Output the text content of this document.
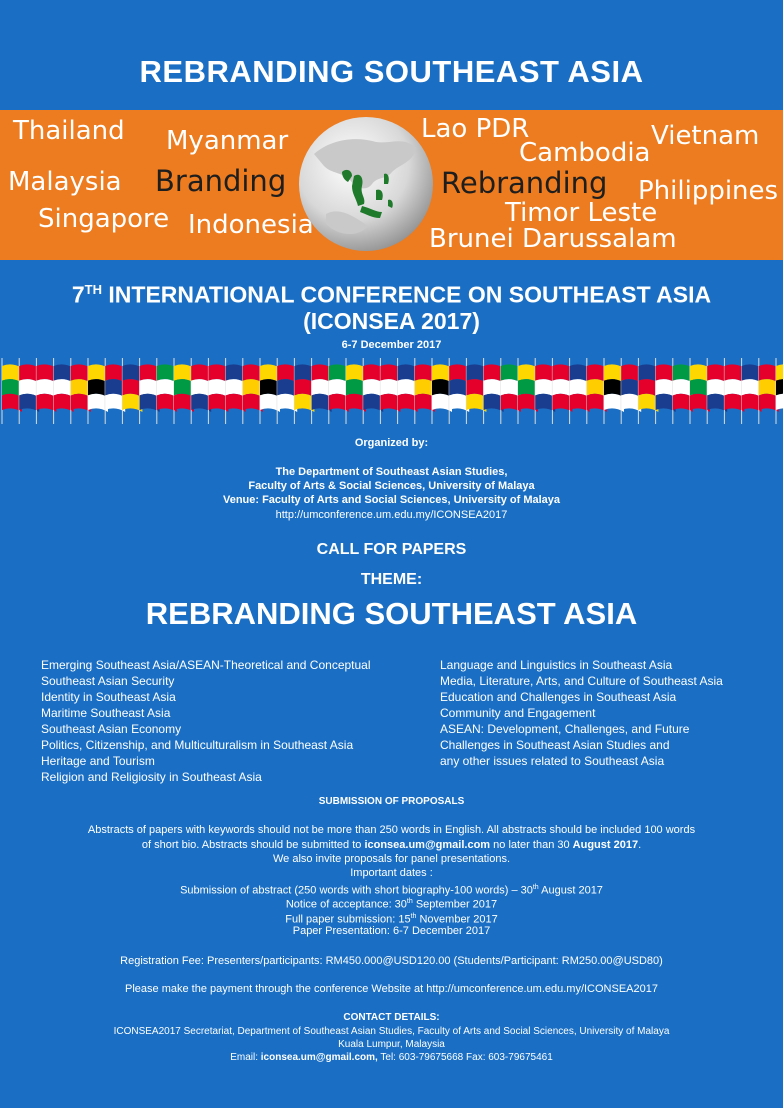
REBRANDING SOUTHEAST ASIA
Thailand Myanmar
Malaysia
Singapore Indonesia
Lao PDR
Cambodia
Vietnam
Philippines
Timor Leste
Brunei Darussalam
Branding	Rebranding
7TH INTERNATIONAL CONFERENCE ON SOUTHEAST ASIA
(ICONSEA 2017)
6-7 December 2017
Organized by:
The Department of Southeast Asian Studies,
Faculty of Arts & Social Sciences, University of Malaya
Venue: Faculty of Arts and Social Sciences, University of Malaya
http://umconference.um.edu.my/ICONSEA2017
CALL FOR PAPERS
THEME:
REBRANDING SOUTHEAST ASIA
Emerging Southeast Asia/ASEAN-Theoretical and Conceptual
Southeast Asian Security
Identity in Southeast Asia
Maritime Southeast Asia
Southeast Asian Economy
Politics, Citizenship, and Multiculturalism in Southeast Asia
Heritage and Tourism
Religion and Religiosity in Southeast Asia
Language and Linguistics in Southeast Asia
Media, Literature, Arts, and Culture of Southeast Asia
Education and Challenges in Southeast Asia
Community and Engagement
ASEAN: Development, Challenges, and Future
Challenges in Southeast Asian Studies and
any other issues related to Southeast Asia
SUBMISSION OF PROPOSALS
Abstracts of papers with keywords should not be more than 250 words in English. All abstracts should be included 100 words
of short bio. Abstracts should be submitted to iconsea.um@gmail.com no later than 30 August 2017.
We also invite proposals for panel presentations.
Important dates :
Submission of abstract (250 words with short biography-100 words) – 30th August 2017
Notice of acceptance: 30th September 2017
Full paper submission: 15th November 2017
Paper Presentation: 6-7 December 2017
Registration Fee: Presenters/participants: RM450.000@USD120.00 (Students/Participant: RM250.00@USD80)
Please make the payment through the conference Website at http://umconference.um.edu.my/ICONSEA2017
CONTACT DETAILS:
ICONSEA2017 Secretariat, Department of Southeast Asian Studies, Faculty of Arts and Social Sciences, University of Malaya
Kuala Lumpur, Malaysia
Email: iconsea.um@gmail.com, Tel: 603-79675668 Fax: 603-79675461
